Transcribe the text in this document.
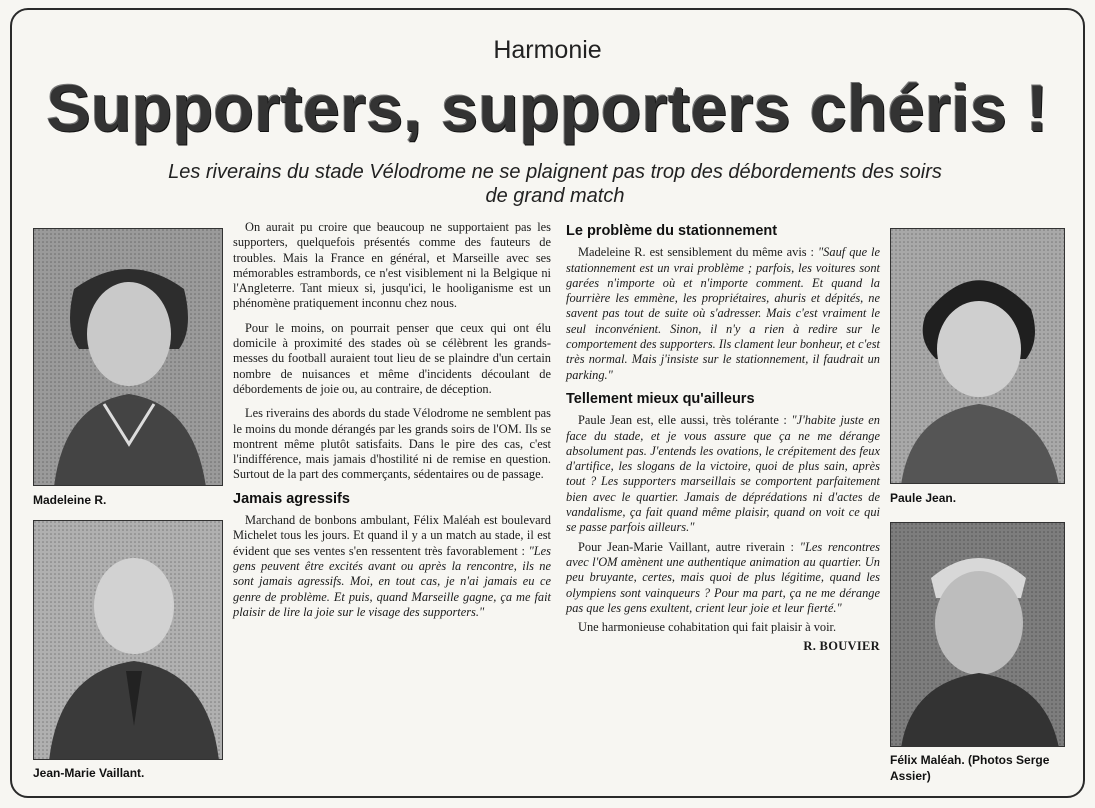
Harmonie
Supporters, supporters chéris !
Les riverains du stade Vélodrome ne se plaignent pas trop des débordements des soirs de grand match
Madeleine R.
Jean-Marie Vaillant.
Paule Jean.
Félix Maléah. (Photos Serge Assier)

On aurait pu croire que beaucoup ne supportaient pas les supporters, quelquefois présentés comme des fauteurs de troubles. Mais la France en général, et Marseille avec ses mémorables estrambords, ce n'est visiblement ni la Belgique ni l'Angleterre. Tant mieux si, jusqu'ici, le hooliganisme est un phénomène pratiquement inconnu chez nous.

Pour le moins, on pourrait penser que ceux qui ont élu domicile à proximité des stades où se célèbrent les grands-messes du football auraient tout lieu de se plaindre d'un certain nombre de nuisances et même d'incidents découlant de débordements de joie ou, au contraire, de déception.

Les riverains des abords du stade Vélodrome ne semblent pas le moins du monde dérangés par les grands soirs de l'OM. Ils se montrent même plutôt satisfaits. Dans le pire des cas, c'est l'indifférence, mais jamais d'hostilité ni de remise en question. Surtout de la part des commerçants, sédentaires ou de passage.

Jamais agressifs

Marchand de bonbons ambulant, Félix Maléah est boulevard Michelet tous les jours. Et quand il y a un match au stade, il est évident que ses ventes s'en ressentent très favorablement : "Les gens peuvent être excités avant ou après la rencontre, ils ne sont jamais agressifs. Moi, en tout cas, je n'ai jamais eu ce genre de problème. Et puis, quand Marseille gagne, ça me fait plaisir de lire la joie sur le visage des supporters."

Le problème du stationnement

Madeleine R. est sensiblement du même avis : "Sauf que le stationnement est un vrai problème ; parfois, les voitures sont garées n'importe où et n'importe comment. Et quand la fourrière les emmène, les propriétaires, ahuris et dépités, ne savent pas tout de suite où s'adresser. Mais c'est vraiment le seul inconvénient. Sinon, il n'y a rien à redire sur le comportement des supporters. Ils clament leur bonheur, et c'est très normal. Mais j'insiste sur le stationnement, il faudrait un parking."

Tellement mieux qu'ailleurs

Paule Jean est, elle aussi, très tolérante : "J'habite juste en face du stade, et je vous assure que ça ne me dérange absolument pas. J'entends les ovations, le crépitement des feux d'artifice, les slogans de la victoire, quoi de plus sain, après tout ? Les supporters marseillais se comportent parfaitement bien avec le quartier. Jamais de déprédations ni d'actes de vandalisme, ça fait quand même plaisir, quand on voit ce qui se passe parfois ailleurs."

Pour Jean-Marie Vaillant, autre riverain : "Les rencontres avec l'OM amènent une authentique animation au quartier. Un peu bruyante, certes, mais quoi de plus légitime, quand les olympiens sont vainqueurs ? Pour ma part, ça ne me dérange pas que les gens exultent, crient leur joie et leur fierté."

Une harmonieuse cohabitation qui fait plaisir à voir.

R. BOUVIER
